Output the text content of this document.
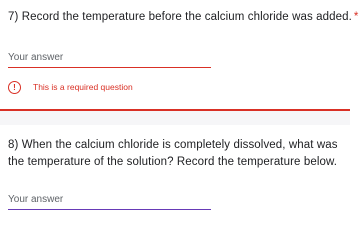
7) Record the temperature before the calcium chloride was added. *
Your answer
!	This is a required question
8) When the calcium chloride is completely dissolved, what was the temperature of the solution? Record the temperature below.
Your answer
